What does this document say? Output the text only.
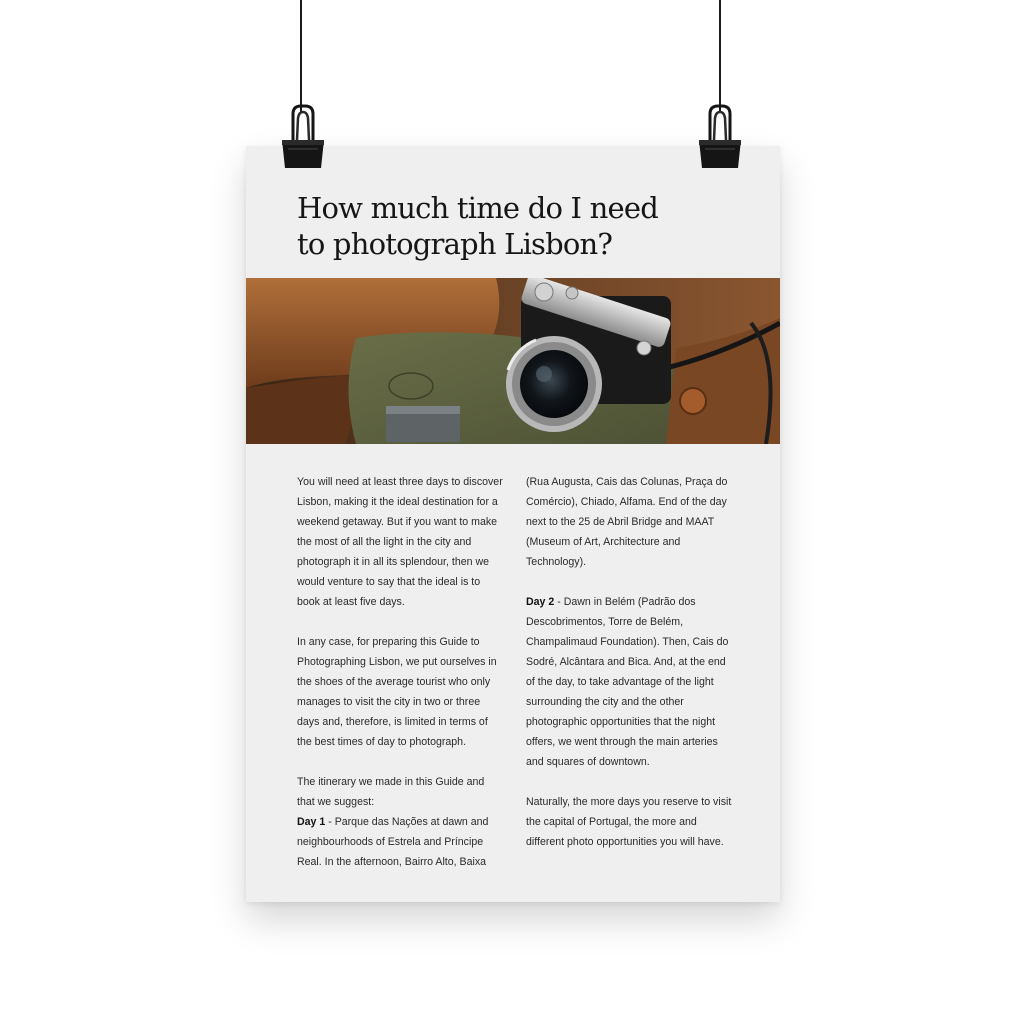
How much time do I need
to photograph Lisbon?

You will need at least three days to discover Lisbon, making it the ideal destination for a weekend getaway. But if you want to make the most of all the light in the city and photograph it in all its splendour, then we would venture to say that the ideal is to book at least five days.

In any case, for preparing this Guide to Photographing Lisbon, we put ourselves in the shoes of the average tourist who only manages to visit the city in two or three days and, therefore, is limited in terms of the best times of day to photograph.

The itinerary we made in this Guide and that we suggest:

Day 1 - Parque das Nações at dawn and neighbourhoods of Estrela and Príncipe Real. In the afternoon, Bairro Alto, Baixa

(Rua Augusta, Cais das Colunas, Praça do Comércio), Chiado, Alfama. End of the day next to the 25 de Abril Bridge and MAAT (Museum of Art, Architecture and Technology).

Day 2 - Dawn in Belém (Padrão dos Descobrimentos, Torre de Belém, Champalimaud Foundation). Then, Cais do Sodré, Alcântara and Bica. And, at the end of the day, to take advantage of the light surrounding the city and the other photographic opportunities that the night offers, we went through the main arteries and squares of downtown.

Naturally, the more days you reserve to visit the capital of Portugal, the more and different photo opportunities you will have.
